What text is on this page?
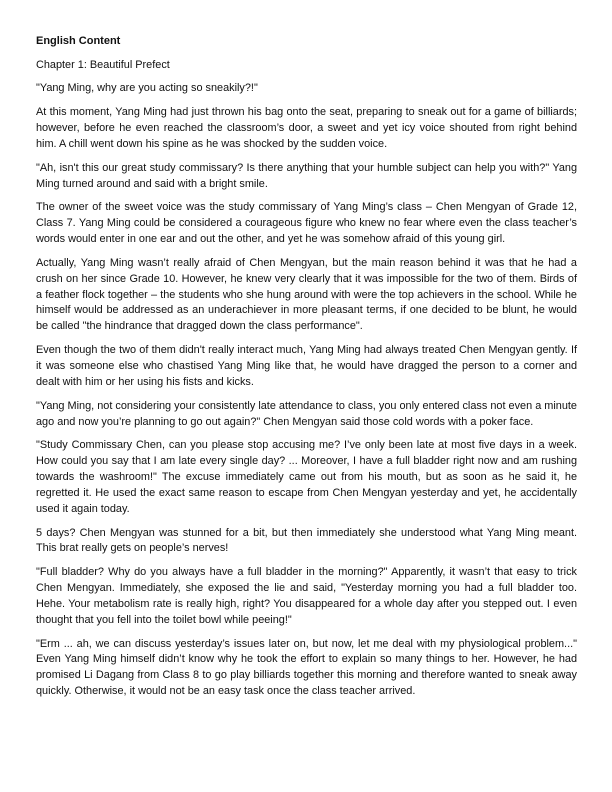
English Content

Chapter 1: Beautiful Prefect

"Yang Ming, why are you acting so sneakily?!"

At this moment, Yang Ming had just thrown his bag onto the seat, preparing to sneak out for a game of billiards; however, before he even reached the classroom’s door, a sweet and yet icy voice shouted from right behind him. A chill went down his spine as he was shocked by the sudden voice.

"Ah, isn't this our great study commissary? Is there anything that your humble subject can help you with?" Yang Ming turned around and said with a bright smile.

The owner of the sweet voice was the study commissary of Yang Ming’s class – Chen Mengyan of Grade 12, Class 7. Yang Ming could be considered a courageous figure who knew no fear where even the class teacher’s words would enter in one ear and out the other, and yet he was somehow afraid of this young girl.

Actually, Yang Ming wasn’t really afraid of Chen Mengyan, but the main reason behind it was that he had a crush on her since Grade 10. However, he knew very clearly that it was impossible for the two of them. Birds of a feather flock together – the students who she hung around with were the top achievers in the school. While he himself would be addressed as an underachiever in more pleasant terms, if one decided to be blunt, he would be called "the hindrance that dragged down the class performance".

Even though the two of them didn't really interact much, Yang Ming had always treated Chen Mengyan gently. If it was someone else who chastised Yang Ming like that, he would have dragged the person to a corner and dealt with him or her using his fists and kicks.

"Yang Ming, not considering your consistently late attendance to class, you only entered class not even a minute ago and now you’re planning to go out again?" Chen Mengyan said those cold words with a poker face.

"Study Commissary Chen, can you please stop accusing me? I’ve only been late at most five days in a week. How could you say that I am late every single day? ... Moreover, I have a full bladder right now and am rushing towards the washroom!" The excuse immediately came out from his mouth, but as soon as he said it, he regretted it. He used the exact same reason to escape from Chen Mengyan yesterday and yet, he accidentally used it again today.

5 days? Chen Mengyan was stunned for a bit, but then immediately she understood what Yang Ming meant. This brat really gets on people’s nerves!

"Full bladder? Why do you always have a full bladder in the morning?" Apparently, it wasn’t that easy to trick Chen Mengyan. Immediately, she exposed the lie and said, "Yesterday morning you had a full bladder too. Hehe. Your metabolism rate is really high, right? You disappeared for a whole day after you stepped out. I even thought that you fell into the toilet bowl while peeing!"

"Erm ... ah, we can discuss yesterday’s issues later on, but now, let me deal with my physiological problem..." Even Yang Ming himself didn’t know why he took the effort to explain so many things to her. However, he had promised Li Dagang from Class 8 to go play billiards together this morning and therefore wanted to sneak away quickly. Otherwise, it would not be an easy task once the class teacher arrived.
